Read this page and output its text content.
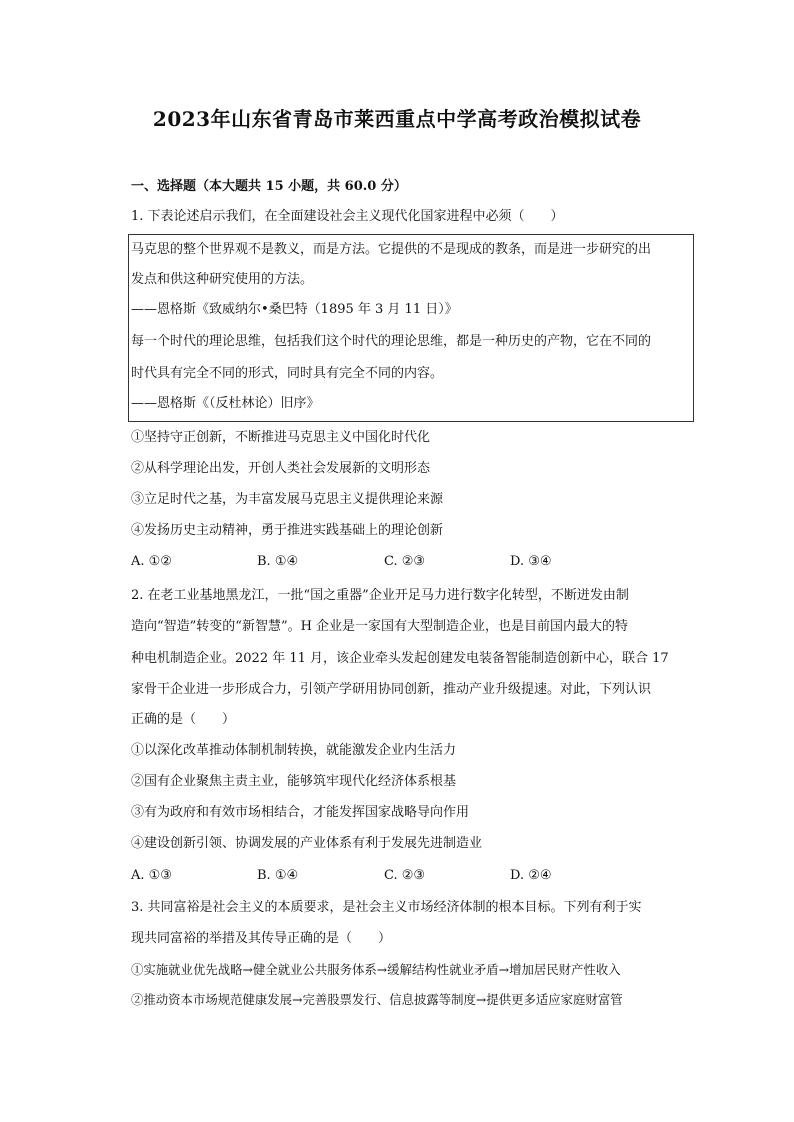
2023年山东省青岛市莱西重点中学高考政治模拟试卷
一、选择题（本大题共 15 小题，共 60.0 分）
1. 下表论述启示我们，在全面建设社会主义现代化国家进程中必须（　　）
马克思的整个世界观不是教义，而是方法。它提供的不是现成的教条，而是进一步研究的出
发点和供这种研究使用的方法。
——恩格斯《致威纳尔•桑巴特（1895 年 3 月 11 日）》
每一个时代的理论思维，包括我们这个时代的理论思维，都是一种历史的产物，它在不同的
时代具有完全不同的形式，同时具有完全不同的内容。
——恩格斯《（反杜林论）旧序》
①坚持守正创新，不断推进马克思主义中国化时代化
②从科学理论出发，开创人类社会发展新的文明形态
③立足时代之基，为丰富发展马克思主义提供理论来源
④发扬历史主动精神，勇于推进实践基础上的理论创新
A. ①②	B. ①④	C. ②③	D. ③④
2. 在老工业基地黑龙江，一批“国之重器”企业开足马力进行数字化转型，不断迸发由制
造向“智造”转变的“新智慧”。H 企业是一家国有大型制造企业，也是目前国内最大的特
种电机制造企业。2022 年 11 月，该企业牵头发起创建发电装备智能制造创新中心，联合 17
家骨干企业进一步形成合力，引领产学研用协同创新，推动产业升级提速。对此，下列认识
正确的是（　　）
①以深化改革推动体制机制转换，就能激发企业内生活力
②国有企业聚焦主责主业，能够筑牢现代化经济体系根基
③有为政府和有效市场相结合，才能发挥国家战略导向作用
④建设创新引领、协调发展的产业体系有利于发展先进制造业
A. ①③	B. ①④	C. ②③	D. ②④
3. 共同富裕是社会主义的本质要求，是社会主义市场经济体制的根本目标。下列有利于实
现共同富裕的举措及其传导正确的是（　　）
①实施就业优先战略→健全就业公共服务体系→缓解结构性就业矛盾→增加居民财产性收入
②推动资本市场规范健康发展→完善股票发行、信息披露等制度→提供更多适应家庭财富管
